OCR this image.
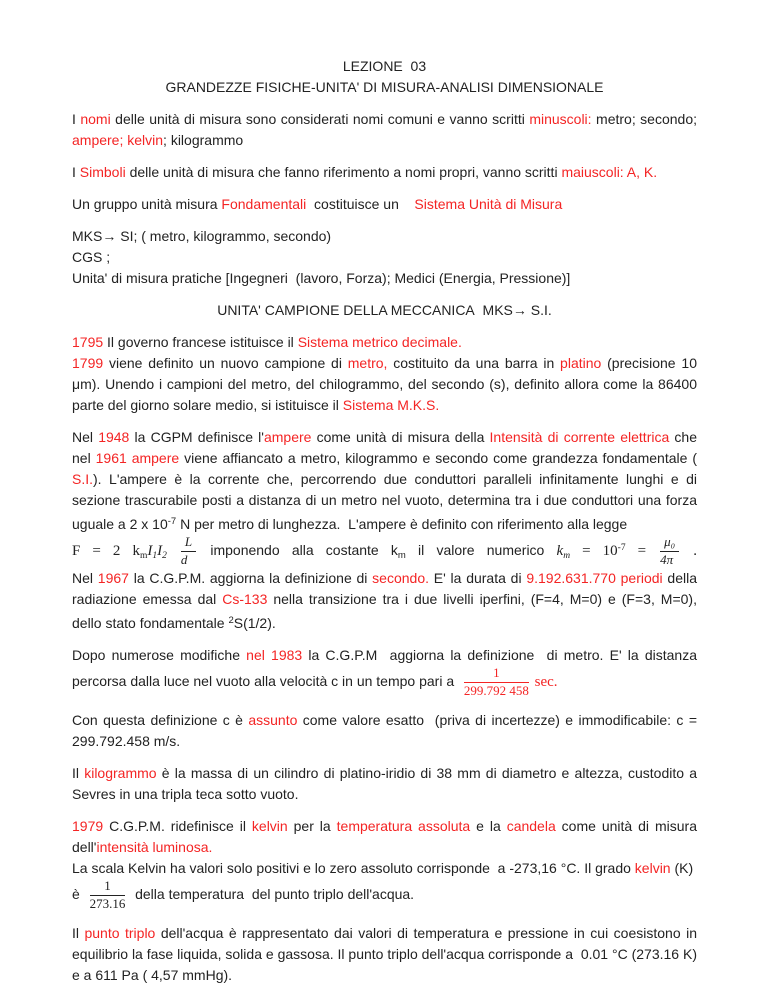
LEZIONE  03
GRANDEZZE FISICHE-UNITA' DI MISURA-ANALISI DIMENSIONALE
I nomi delle unità di misura sono considerati nomi comuni e vanno scritti minuscoli: metro; secondo; ampere; kelvin; kilogrammo
I Simboli delle unità di misura che fanno riferimento a nomi propri, vanno scritti maiuscoli: A, K.
Un gruppo unità misura Fondamentali  costituisce un    Sistema Unità di Misura
MKS→ SI; ( metro, kilogrammo, secondo)
CGS ;
Unita' di misura pratiche [Ingegneri  (lavoro, Forza); Medici (Energia, Pressione)]
UNITA' CAMPIONE DELLA MECCANICA  MKS→ S.I.
1795 Il governo francese istituisce il Sistema metrico decimale.
1799 viene definito un nuovo campione di metro, costituito da una barra in platino (precisione 10 μm). Unendo i campioni del metro, del chilogrammo, del secondo (s), definito allora come la 86400 parte del giorno solare medio, si istituisce il Sistema M.K.S.
Nel 1948 la CGPM definisce l'ampere come unità di misura della Intensità di corrente elettrica che nel 1961 ampere viene affiancato a metro, kilogrammo e secondo come grandezza fondamentale ( S.I.). L'ampere è la corrente che, percorrendo due conduttori paralleli infinitamente lunghi e di sezione trascurabile posti a distanza di un metro nel vuoto, determina tra i due conduttori una forza uguale a 2 x $10^{-7}$ N per metro di lunghezza.  L'ampere è definito con riferimento alla legge
F = 2 $k_mI_1I_2 \frac{L}{d}$ imponendo alla costante $k_m$ il valore numerico $k_m = 10^{-7} = \frac{\text{μ₀}}{4\pi}$ .
Nel 1967 la C.G.P.M. aggiorna la definizione di secondo. E' la durata di 9.192.631.770 periodi della radiazione emessa dal Cs-133 nella transizione tra i due livelli iperfini, (F=4, M=0) e (F=3, M=0), dello stato fondamentale $^2$S(1/2).
Dopo numerose modifiche nel 1983 la C.G.P.M  aggiorna la definizione  di metro. E' la distanza percorsa dalla luce nel vuoto alla velocità c in un tempo pari a $\frac{1}{299.792 458} \sec$.
Con questa definizione c è assunto come valore esatto  (priva di incertezze) e immodificabile: c = 299.792.458 m/s.
Il kilogrammo è la massa di un cilindro di platino-iridio di 38 mm di diametro e altezza, custodito a Sevres in una tripla teca sotto vuoto.
1979 C.G.P.M. ridefinisce il kelvin per la temperatura assoluta e la candela come unità di misura dell'intensità luminosa.
La scala Kelvin ha valori solo positivi e lo zero assoluto corrisponde  a -273,16 °C. Il grado kelvin (K)
è $\frac{1}{273.16}$ della temperatura  del punto triplo dell'acqua.
Il punto triplo dell'acqua è rappresentato dai valori di temperatura e pressione in cui coesistono in equilibrio la fase liquida, solida e gassosa. Il punto triplo dell'acqua corrisponde a  0.01 °C (273.16 K) e a 611 Pa ( 4,57 mmHg).
